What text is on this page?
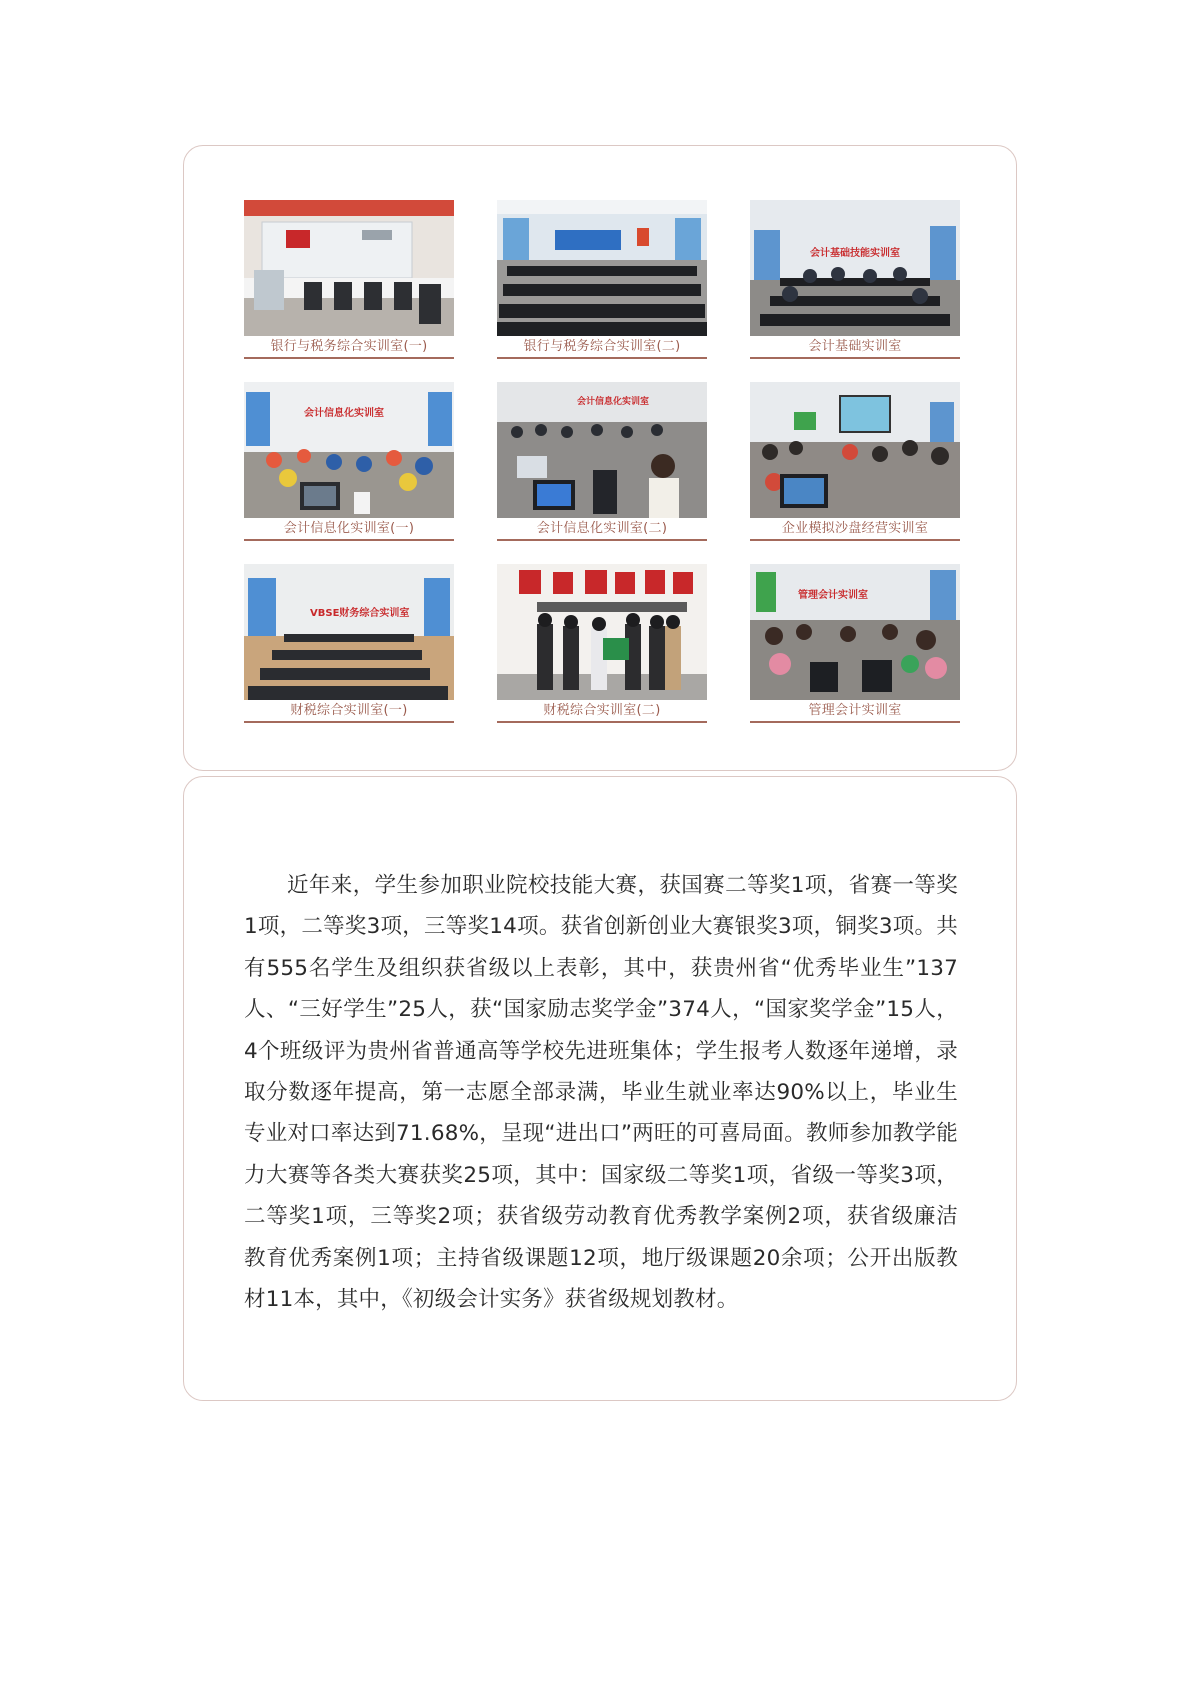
银行与税务综合实训室(一)	银行与税务综合实训室(二)
会计基础技能实训室
会计基础实训室
会计信息化实训室
会计信息化实训室(一)
会计信息化实训室
会计信息化实训室(二)	企业模拟沙盘经营实训室
VBSE财务综合实训室
财税综合实训室(一)	财税综合实训室(二)
管理会计实训室
管理会计实训室

近年来，学生参加职业院校技能大赛，获国赛二等奖1项，省赛一等奖1项，二等奖3项，三等奖14项。获省创新创业大赛银奖3项，铜奖3项。共有555名学生及组织获省级以上表彰，其中，获贵州省“优秀毕业生”137人、“三好学生”25人，获“国家励志奖学金”374人，“国家奖学金”15人，4个班级评为贵州省普通高等学校先进班集体；学生报考人数逐年递增，录取分数逐年提高，第一志愿全部录满，毕业生就业率达90%以上，毕业生专业对口率达到71.68%，呈现“进出口”两旺的可喜局面。教师参加教学能力大赛等各类大赛获奖25项，其中：国家级二等奖1项，省级一等奖3项，二等奖1项，三等奖2项；获省级劳动教育优秀教学案例2项，获省级廉洁教育优秀案例1项；主持省级课题12项，地厅级课题20余项；公开出版教材11本，其中，《初级会计实务》获省级规划教材。
